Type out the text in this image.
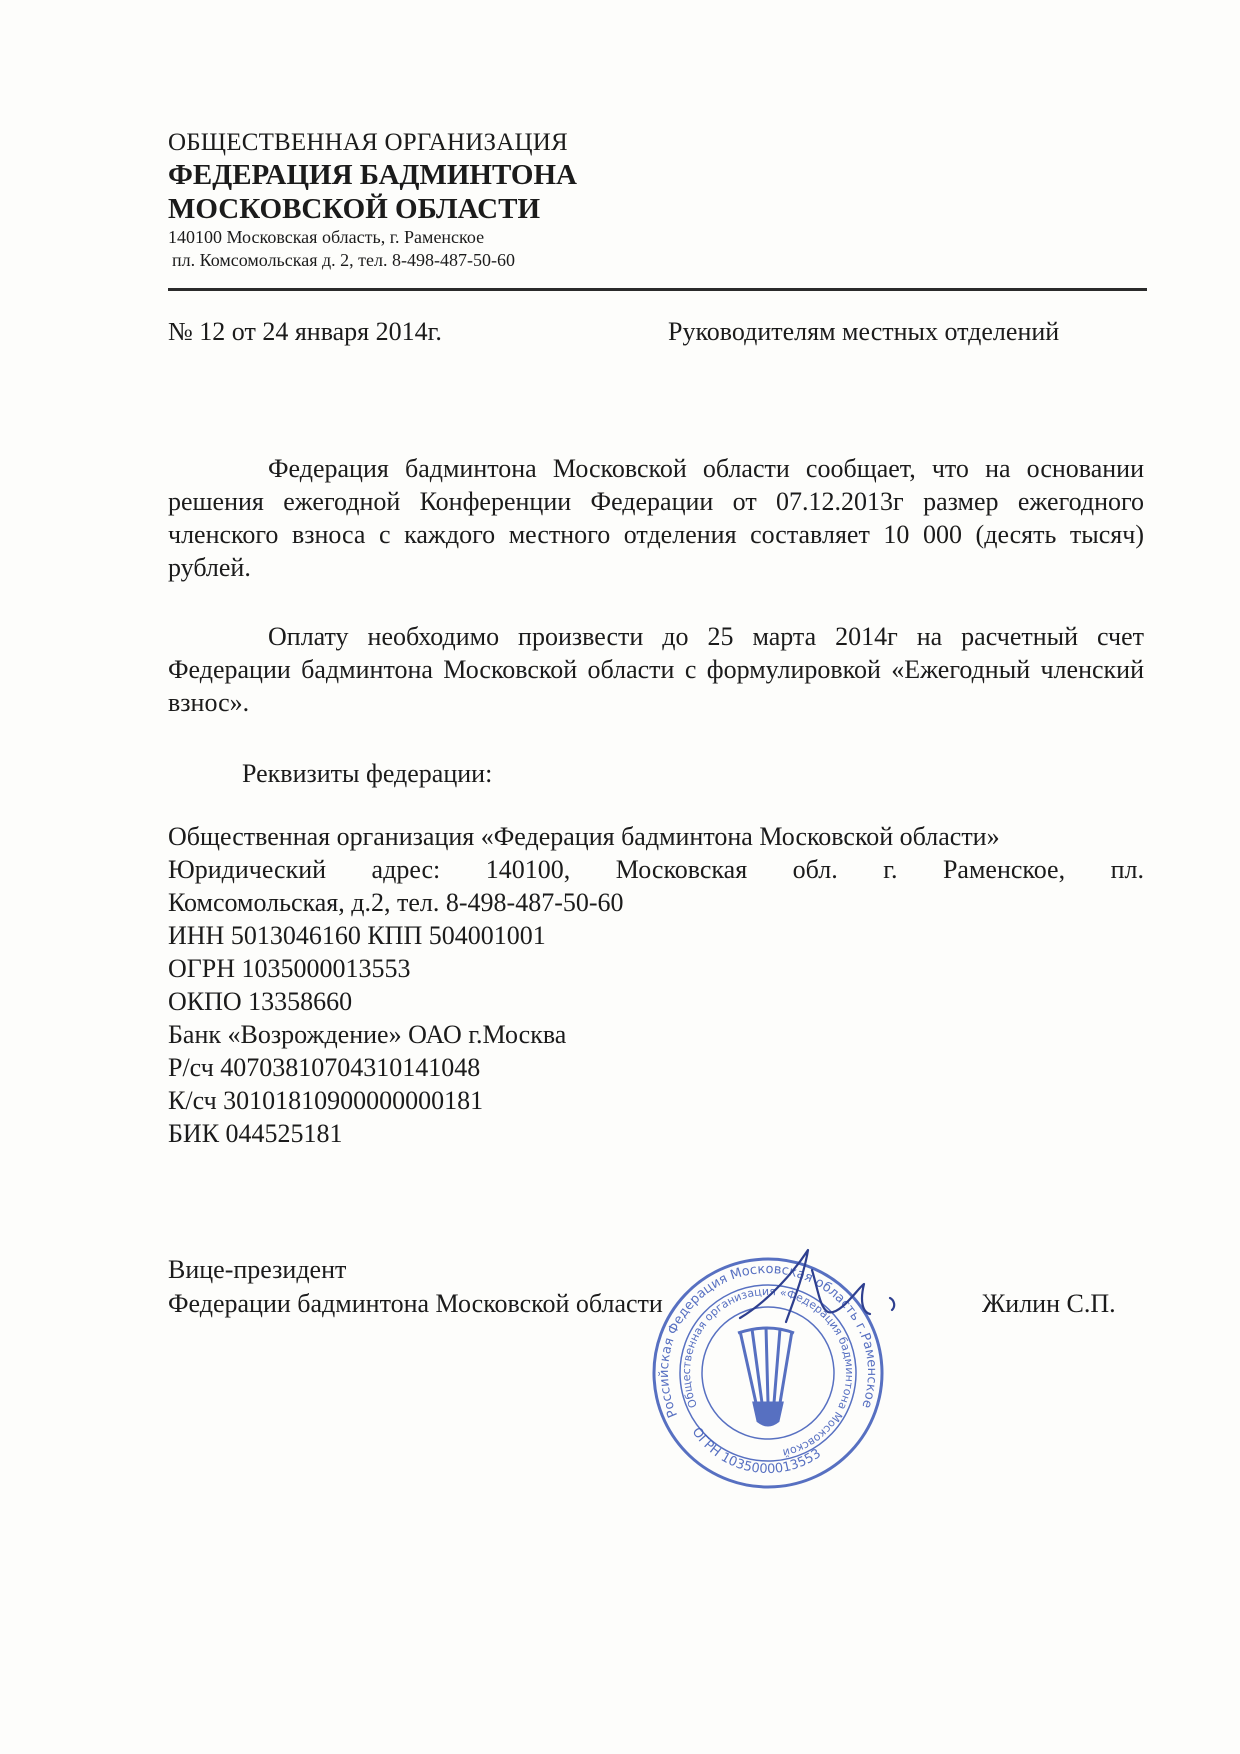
ОБЩЕСТВЕННАЯ ОРГАНИЗАЦИЯ
ФЕДЕРАЦИЯ БАДМИНТОНА
МОСКОВСКОЙ ОБЛАСТИ
140100 Московская область, г. Раменское
пл. Комсомольская д. 2, тел. 8-498-487-50-60
№ 12 от 24 января 2014г.	Руководителям местных отделений
Федерация бадминтона Московской области сообщает, что на основании решения ежегодной Конференции Федерации от 07.12.2013г размер ежегодного членского взноса с каждого местного отделения составляет 10 000 (десять тысяч) рублей.
Оплату необходимо произвести до 25 марта 2014г на расчетный счет Федерации бадминтона Московской области с формулировкой «Ежегодный членский взнос».
Реквизиты федерации:
Общественная организация «Федерация бадминтона Московской области»
Юридический адрес: 140100, Московская обл. г. Раменское, пл.
Комсомольская, д.2, тел. 8-498-487-50-60
ИНН 5013046160 КПП 504001001
ОГРН 1035000013553
ОКПО 13358660
Банк «Возрождение» ОАО г.Москва
Р/сч 40703810704310141048
К/сч 30101810900000000181
БИК 044525181
Вице-президент
Федерации бадминтона Московской области	Жилин С.П.
Российская Федерация Московская область г.Раменское
Общественная организация «Федерация бадминтона Московской
ОГРН 1035000013553
